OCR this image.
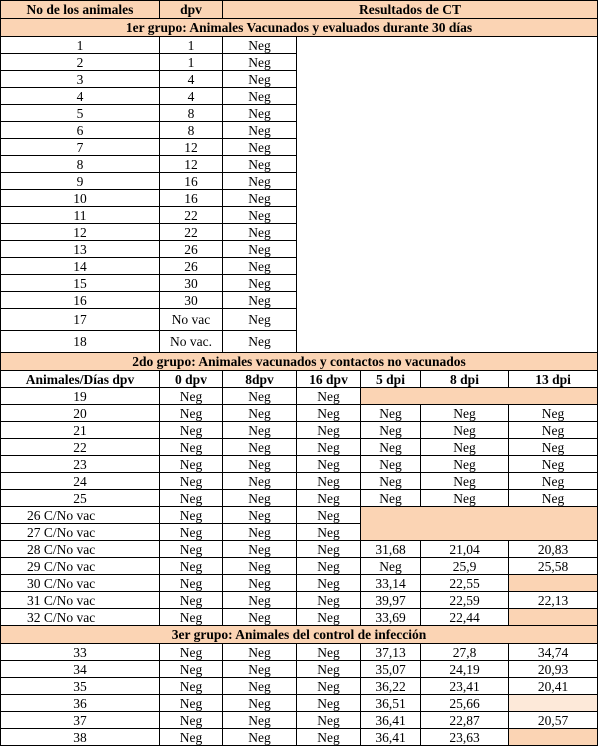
No de los animales	dpv	Resultados de CT				
1er grupo: Animales Vacunados y evaluados durante 30 días						
1	1	Neg				
2	1	Neg				
3	4	Neg				
4	4	Neg				
5	8	Neg				
6	8	Neg				
7	12	Neg				
8	12	Neg				
9	16	Neg				
10	16	Neg				
11	22	Neg				
12	22	Neg				
13	26	Neg				
14	26	Neg				
15	30	Neg				
16	30	Neg				
17	No vac	Neg				
18	No vac.	Neg				
2do grupo: Animales vacunados y contactos no vacunados						
Animales/Días dpv	0 dpv	8dpv	16 dpv	5 dpi	8 dpi	13 dpi
19	Neg	Neg	Neg			
20	Neg	Neg	Neg	Neg	Neg	Neg
21	Neg	Neg	Neg	Neg	Neg	Neg
22	Neg	Neg	Neg	Neg	Neg	Neg
23	Neg	Neg	Neg	Neg	Neg	Neg
24	Neg	Neg	Neg	Neg	Neg	Neg
25	Neg	Neg	Neg	Neg	Neg	Neg
26 C/No vac	Neg	Neg	Neg			
27 C/No vac	Neg	Neg	Neg			
28 C/No vac	Neg	Neg	Neg	31,68	21,04	20,83
29 C/No vac	Neg	Neg	Neg	Neg	25,9	25,58
30 C/No vac	Neg	Neg	Neg	33,14	22,55	
31 C/No vac	Neg	Neg	Neg	39,97	22,59	22,13
32 C/No vac	Neg	Neg	Neg	33,69	22,44	
3er grupo: Animales del control de infección						
33	Neg	Neg	Neg	37,13	27,8	34,74
34	Neg	Neg	Neg	35,07	24,19	20,93
35	Neg	Neg	Neg	36,22	23,41	20,41
36	Neg	Neg	Neg	36,51	25,66	
37	Neg	Neg	Neg	36,41	22,87	20,57
38	Neg	Neg	Neg	36,41	23,63	
